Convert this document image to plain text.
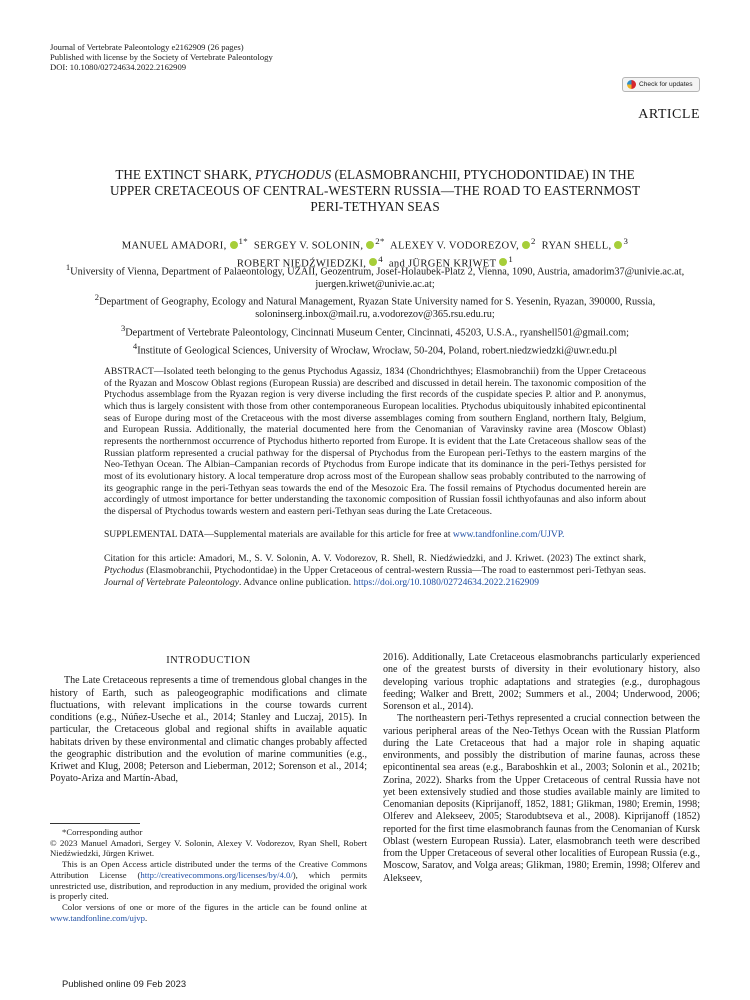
Journal of Vertebrate Paleontology e2162909 (26 pages)
Published with license by the Society of Vertebrate Paleontology
DOI: 10.1080/02724634.2022.2162909
Check for updates
ARTICLE
THE EXTINCT SHARK, PTYCHODUS (ELASMOBRANCHII, PTYCHODONTIDAE) IN THE
UPPER CRETACEOUS OF CENTRAL-WESTERN RUSSIA—THE ROAD TO EASTERNMOST
PERI-TETHYAN SEAS
MANUEL AMADORI, $^{1*}$ SERGEY V. SOLONIN, $^{2*}$ ALEXEY V. VODOREZOV, $^2$ RYAN SHELL, $^3$
ROBERT NIEDŹWIEDZKI, $^4$ and JÜRGEN KRIWET $^1$
$^1$University of Vienna, Department of Palaeontology, UZAII, Geozentrum, Josef-Holaubek-Platz 2, Vienna, 1090, Austria, amadorim37@univie.ac.at, juergen.kriwet@univie.ac.at;
$^2$Department of Geography, Ecology and Natural Management, Ryazan State University named for S. Yesenin, Ryazan, 390000, Russia, soloninserg.inbox@mail.ru, a.vodorezov@365.rsu.edu.ru;
$^3$Department of Vertebrate Paleontology, Cincinnati Museum Center, Cincinnati, 45203, U.S.A., ryanshell501@gmail.com;
$^4$Institute of Geological Sciences, University of Wrocław, Wrocław, 50-204, Poland, robert.niedzwiedzki@uwr.edu.pl

ABSTRACT—Isolated teeth belonging to the genus Ptychodus Agassiz, 1834 (Chondrichthyes; Elasmobranchii) from the Upper Cretaceous of the Ryazan and Moscow Oblast regions (European Russia) are described and discussed in detail herein. The taxonomic composition of the Ptychodus assemblage from the Ryazan region is very diverse including the first records of the cuspidate species P. altior and P. anonymus, which thus is largely consistent with those from other contemporaneous European localities. Ptychodus ubiquitously inhabited epicontinental seas of Europe during most of the Cretaceous with the most diverse assemblages coming from southern England, northern Italy, Belgium, and European Russia. Additionally, the material documented here from the Cenomanian of Varavinsky ravine area (Moscow Oblast) represents the northernmost occurrence of Ptychodus hitherto reported from Europe. It is evident that the Late Cretaceous shallow seas of the Russian platform represented a crucial pathway for the dispersal of Ptychodus from the European peri-Tethys to the eastern margins of the Neo-Tethyan Ocean. The Albian–Campanian records of Ptychodus from Europe indicate that its dominance in the peri-Tethys persisted for most of its evolutionary history. A local temperature drop across most of the European shallow seas probably contributed to the narrowing of its geographic range in the peri-Tethyan seas towards the end of the Mesozoic Era. The fossil remains of Ptychodus documented herein are accordingly of utmost importance for better understanding the taxonomic composition of Russian fossil ichthyofaunas and also inform about the dispersal of Ptychodus towards western and eastern peri-Tethyan seas during the Late Cretaceous.

SUPPLEMENTAL DATA—Supplemental materials are available for this article for free at www.tandfonline.com/UJVP.

Citation for this article: Amadori, M., S. V. Solonin, A. V. Vodorezov, R. Shell, R. Niedźwiedzki, and J. Kriwet. (2023) The extinct shark, Ptychodus (Elasmobranchii, Ptychodontidae) in the Upper Cretaceous of central-western Russia—The road to easternmost peri-Tethyan seas. Journal of Vertebrate Paleontology. Advance online publication. https://doi.org/10.1080/02724634.2022.2162909

INTRODUCTION

The Late Cretaceous represents a time of tremendous global changes in the history of Earth, such as paleogeographic modifications and climate fluctuations, with relevant implications in the course towards current conditions (e.g., Núñez-Useche et al., 2014; Stanley and Luczaj, 2015). In particular, the Cretaceous global and regional shifts in available aquatic habitats driven by these environmental and climatic changes probably affected the geographic distribution and the evolution of marine communities (e.g., Kriwet and Klug, 2008; Peterson and Lieberman, 2012; Sorenson et al., 2014; Poyato-Ariza and Martín-Abad,

*Corresponding author

© 2023 Manuel Amadori, Sergey V. Solonin, Alexey V. Vodorezov, Ryan Shell, Robert Niedźwiedzki, Jürgen Kriwet.

This is an Open Access article distributed under the terms of the Creative Commons Attribution License (http://creativecommons.org/licenses/by/4.0/), which permits unrestricted use, distribution, and reproduction in any medium, provided the original work is properly cited.

Color versions of one or more of the figures in the article can be found online at www.tandfonline.com/ujvp.

2016). Additionally, Late Cretaceous elasmobranchs particularly experienced one of the greatest bursts of diversity in their evolutionary history, also developing various trophic adaptations and strategies (e.g., durophagous feeding; Walker and Brett, 2002; Summers et al., 2004; Underwood, 2006; Sorenson et al., 2014).

The northeastern peri-Tethys represented a crucial connection between the various peripheral areas of the Neo-Tethys Ocean with the Russian Platform during the Late Cretaceous that had a major role in shaping aquatic environments, and possibly the distribution of marine faunas, across these epicontinental sea areas (e.g., Baraboshkin et al., 2003; Solonin et al., 2021b; Zorina, 2022). Sharks from the Upper Cretaceous of central Russia have not yet been extensively studied and those studies available mainly are limited to Cenomanian deposits (Kiprijanoff, 1852, 1881; Glikman, 1980; Eremin, 1998; Olferev and Alekseev, 2005; Starodubtseva et al., 2008). Kiprijanoff (1852) reported for the first time elasmobranch faunas from the Cenomanian of Kursk Oblast (western European Russia). Later, elasmobranch teeth were described from the Upper Cretaceous of several other localities of European Russia (e.g., Moscow, Saratov, and Volga areas; Glikman, 1980; Eremin, 1998; Olferev and Alekseev,

Published online 09 Feb 2023
